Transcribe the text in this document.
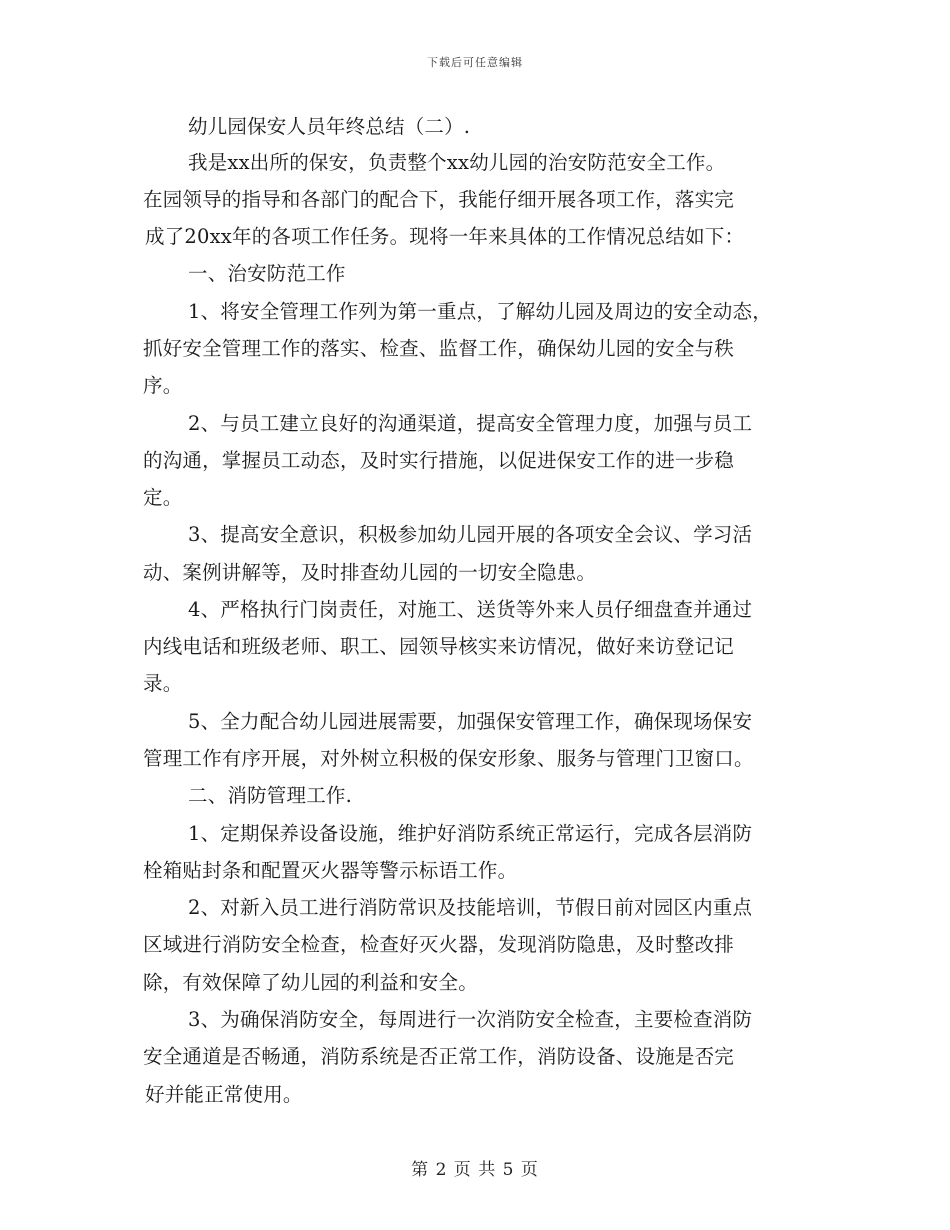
下载后可任意编辑
幼儿园保安人员年终总结（二）.
我是xx出所的保安，负责整个xx幼儿园的治安防范安全工作。
在园领导的指导和各部门的配合下，我能仔细开展各项工作，落实完
成了20xx年的各项工作任务。现将一年来具体的工作情况总结如下：
一、治安防范工作
1、将安全管理工作列为第一重点，了解幼儿园及周边的安全动态，
抓好安全管理工作的落实、检查、监督工作，确保幼儿园的安全与秩
序。
2、与员工建立良好的沟通渠道，提高安全管理力度，加强与员工
的沟通，掌握员工动态，及时实行措施，以促进保安工作的进一步稳
定。
3、提高安全意识，积极参加幼儿园开展的各项安全会议、学习活
动、案例讲解等，及时排查幼儿园的一切安全隐患。
4、严格执行门岗责任，对施工、送货等外来人员仔细盘查并通过
内线电话和班级老师、职工、园领导核实来访情况，做好来访登记记
录。
5、全力配合幼儿园进展需要，加强保安管理工作，确保现场保安
管理工作有序开展，对外树立积极的保安形象、服务与管理门卫窗口。
二、消防管理工作.
1、定期保养设备设施，维护好消防系统正常运行，完成各层消防
栓箱贴封条和配置灭火器等警示标语工作。
2、对新入员工进行消防常识及技能培训，节假日前对园区内重点
区域进行消防安全检查，检查好灭火器，发现消防隐患，及时整改排
除，有效保障了幼儿园的利益和安全。
3、为确保消防安全，每周进行一次消防安全检查，主要检查消防
安全通道是否畅通，消防系统是否正常工作，消防设备、设施是否完
好并能正常使用。
第 2 页 共 5 页
